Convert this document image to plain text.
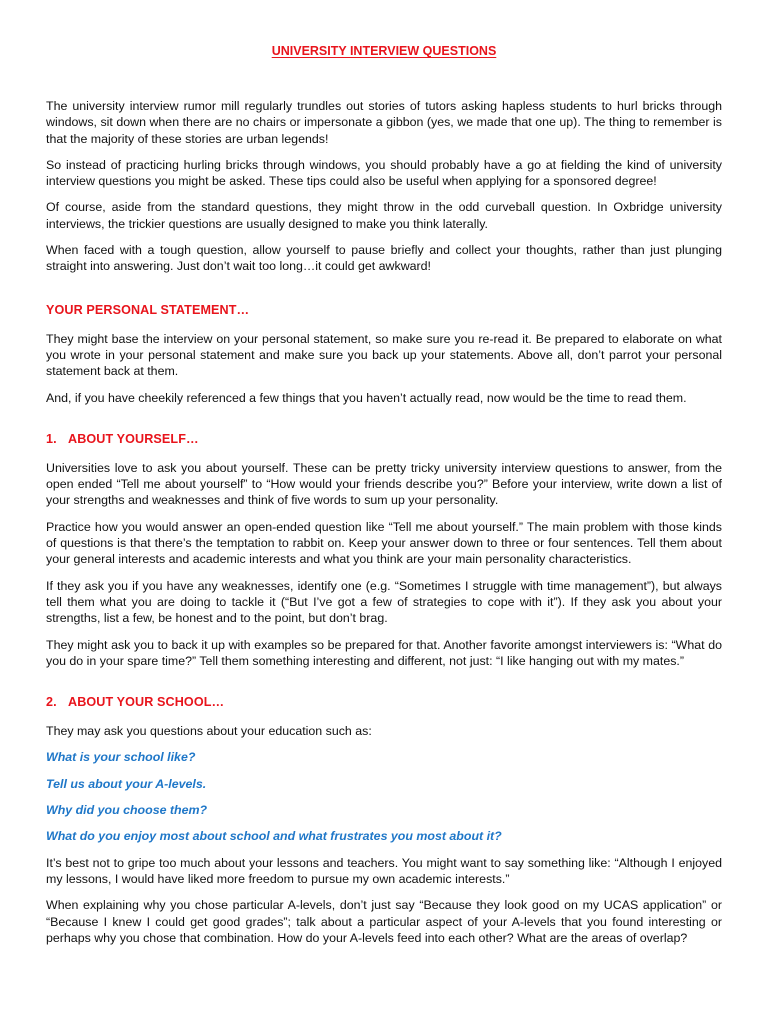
UNIVERSITY INTERVIEW QUESTIONS

The university interview rumor mill regularly trundles out stories of tutors asking hapless students to hurl bricks through windows, sit down when there are no chairs or impersonate a gibbon (yes, we made that one up). The thing to remember is that the majority of these stories are urban legends!

So instead of practicing hurling bricks through windows, you should probably have a go at fielding the kind of university interview questions you might be asked. These tips could also be useful when applying for a sponsored degree!

Of course, aside from the standard questions, they might throw in the odd curveball question. In Oxbridge university interviews, the trickier questions are usually designed to make you think laterally.

When faced with a tough question, allow yourself to pause briefly and collect your thoughts, rather than just plunging straight into answering. Just don’t wait too long…it could get awkward!

YOUR PERSONAL STATEMENT…

They might base the interview on your personal statement, so make sure you re-read it. Be prepared to elaborate on what you wrote in your personal statement and make sure you back up your statements. Above all, don’t parrot your personal statement back at them.

And, if you have cheekily referenced a few things that you haven’t actually read, now would be the time to read them.

1. ABOUT YOURSELF…

Universities love to ask you about yourself. These can be pretty tricky university interview questions to answer, from the open ended “Tell me about yourself” to “How would your friends describe you?” Before your interview, write down a list of your strengths and weaknesses and think of five words to sum up your personality.

Practice how you would answer an open-ended question like “Tell me about yourself.” The main problem with those kinds of questions is that there’s the temptation to rabbit on. Keep your answer down to three or four sentences. Tell them about your general interests and academic interests and what you think are your main personality characteristics.

If they ask you if you have any weaknesses, identify one (e.g. “Sometimes I struggle with time management”), but always tell them what you are doing to tackle it (“But I’ve got a few of strategies to cope with it”). If they ask you about your strengths, list a few, be honest and to the point, but don’t brag.

They might ask you to back it up with examples so be prepared for that. Another favorite amongst interviewers is: “What do you do in your spare time?” Tell them something interesting and different, not just: “I like hanging out with my mates.”

2. ABOUT YOUR SCHOOL…

They may ask you questions about your education such as:

What is your school like?

Tell us about your A-levels.

Why did you choose them?

What do you enjoy most about school and what frustrates you most about it?

It’s best not to gripe too much about your lessons and teachers. You might want to say something like: “Although I enjoyed my lessons, I would have liked more freedom to pursue my own academic interests.”

When explaining why you chose particular A-levels, don’t just say “Because they look good on my UCAS application” or “Because I knew I could get good grades”; talk about a particular aspect of your A-levels that you found interesting or perhaps why you chose that combination. How do your A-levels feed into each other? What are the areas of overlap?
